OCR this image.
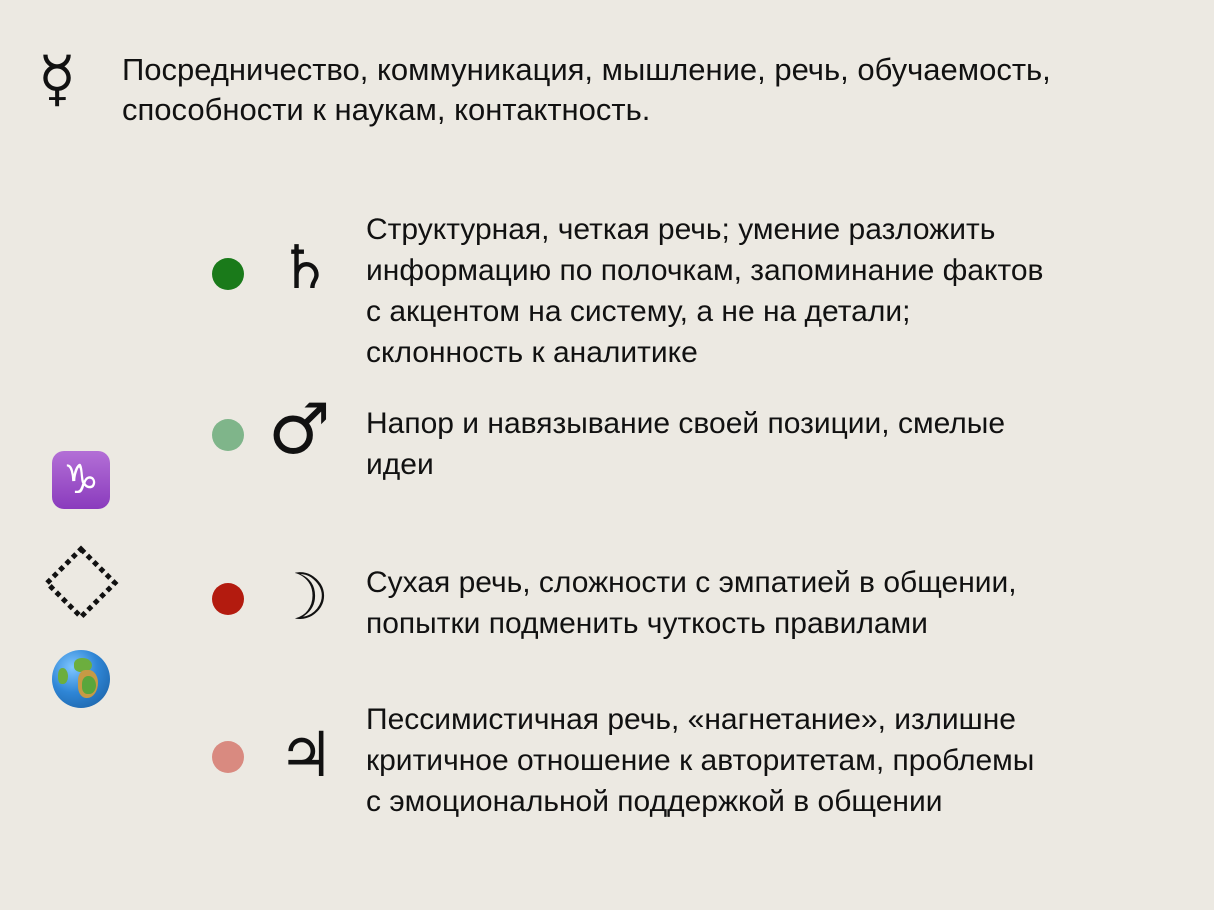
☿ Посредничество, коммуникация, мышление, речь, обучаемость,
способности к наукам, контактность.
♑
♄
Структурная, четкая речь; умение разложить
информацию по полочкам, запоминание фактов
с акцентом на систему, а не на детали;
склонность к аналитике
♂ Напор и навязывание своей позиции, смелые
идеи
☽ Сухая речь, сложности с эмпатией в общении,
попытки подменить чуткость правилами
♃ Пессимистичная речь, «нагнетание», излишне
критичное отношение к авторитетам, проблемы
с эмоциональной поддержкой в общении
